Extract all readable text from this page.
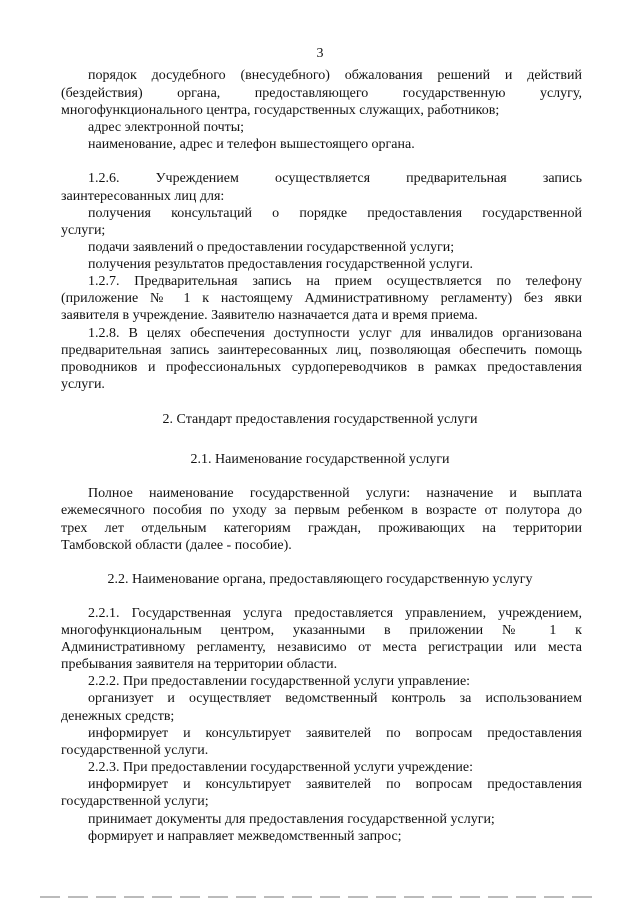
3

порядок досудебного (внесудебного) обжалования решений и действий

(бездействия) органа, предоставляющего государственную услугу,

многофункционального центра, государственных служащих, работников;

адрес электронной почты;

наименование, адрес и телефон вышестоящего органа.

1.2.6. Учреждением осуществляется предварительная запись

заинтересованных лиц для:

получения консультаций о порядке предоставления государственной

услуги;

подачи заявлений о предоставлении государственной услуги;

получения результатов предоставления государственной услуги.

1.2.7. Предварительная запись на прием осуществляется по телефону

(приложение № 1 к настоящему Административному регламенту) без явки

заявителя в учреждение. Заявителю назначается дата и время приема.

1.2.8. В целях обеспечения доступности услуг для инвалидов организована

предварительная запись заинтересованных лиц, позволяющая обеспечить помощь

проводников и профессиональных сурдопереводчиков в рамках предоставления

услуги.

2. Стандарт предоставления государственной услуги

2.1. Наименование государственной услуги

Полное наименование государственной услуги: назначение и выплата

ежемесячного пособия по уходу за первым ребенком в возрасте от полутора до

трех лет отдельным категориям граждан, проживающих на территории

Тамбовской области (далее - пособие).

2.2. Наименование органа, предоставляющего государственную услугу

2.2.1. Государственная услуга предоставляется управлением, учреждением,

многофункциональным центром, указанными в приложении № 1 к

Административному регламенту, независимо от места регистрации или места

пребывания заявителя на территории области.

2.2.2. При предоставлении государственной услуги управление:

организует и осуществляет ведомственный контроль за использованием

денежных средств;

информирует и консультирует заявителей по вопросам предоставления

государственной услуги.

2.2.3. При предоставлении государственной услуги учреждение:

информирует и консультирует заявителей по вопросам предоставления

государственной услуги;

принимает документы для предоставления государственной услуги;

формирует и направляет межведомственный запрос;
